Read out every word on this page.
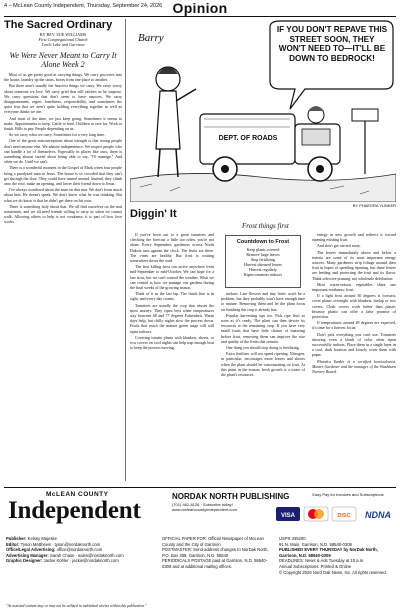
4 – McLean County Independent, Thursday, September 24, 2026 Opinion
The Sacred Ordinary
BY REV. SUE WILLIAMS
First Congregational Church
Turtle Lake and Garrison
We Were Never Meant to Carry It Alone Week 2

Most of us get pretty good at carrying things. We carry groceries into the house, laundry up the stairs, boxes from one place to another.

But there aren't usually the heaviest things we carry. We carry worry about someone we love. We carry grief that still catches us by surprise. We carry questions that don't seem to have answers. We carry disappointment, regret, loneliness, responsibility, and sometimes the quiet fear that we aren't quite holding everything together as well as everyone thinks we are.

And most of the time, we just keep going. Sometimes it seems to make. Appointments to keep. Cattle to feed. Children to care for. Work to finish. Bills to pay. People depending on us.

So we carry what we carry. Sometimes for a very long time.

One of the great misconceptions about strength is that strong people don't need anyone else. We admire independence. We respect people who can handle a lot of themselves. Especially in places like ours, there is something almost sacred about being able to say, "I'll manage." And often we do. Until we can't.

There is a wonderful moment in the Gospel of Mark when four people bring a paralyzed man to Jesus. The house is so crowded that they can't get through the door. They could have turned around. Instead, they climb onto the roof, make an opening, and lower their friend down to Jesus.

I've always wondered about the man on that mat. We don't learn much about him. He doesn't speak. We don't know what he was thinking. But what we do know is that he didn't get there on his own.

There is something holy about that. We all find ourselves on the mat sometimes, and we all need friends willing to carry us when we cannot walk. Allowing others to help is not weakness; it is part of how love works.

IF YOU DON'T REPAVE THIS STREET SOON, THEY WON'T NEED TO—IT'LL BE DOWN TO BEDROCK!
DEPT. OF ROADS
Barry
BY PHAEDRA YUNKER
Diggin' It
Frost things first

If you've been out to a great tomatoes and checking the forecast a little too often, you're not alone. Every September, gardeners across North Dakota turn against the clock. The fruits are there. The vines are healthy. But frost is waiting somewhere down the road.

The first killing frost can arrive anywhere from mid-September to mid-October. We can hope for a late frost, but we can't control the weather. What we can control is how we manage our gardens during the final weeks of the growing season.

Think of it as the last lap. The finish line is in sight, and every day counts.

Tomatoes are usually the crop that causes the most anxiety. They ripen best when temperatures stay between 68 and 77 degrees Fahrenheit. Warm days help, but chilly nights slow the process down. Fruits that reach the mature green stage will still ripen indoors.

Covering tomato plants with blankets, sheets, or row covers on cool nights can help trap enough heat to keep the process moving.

Countdown to Frost
Keep plants covered
Remove large leaves
Stop fertilizing
Harvest diseased leaves
Harvest regularly
Ripen tomatoes indoors

melons. Late flowers and tiny fruits won't be a problem, but they probably won't have enough time to mature. Removing them and let the plant focus on finishing the crop it already has.

Popular harvesting tips too. Pick ripe fruit as soon as it's ready. The plant can then devote its resources to the remaining crop. If you have very small fruits that have little chance of maturing before frost, removing them can improve the size and quality of the fruits that remain.

One thing you should stop doing is fertilizing.

Extra fertilizer will not speed ripening. Nitrogen, in particular, encourages more leaves and shoots when the plant should be concentrating on fruit. At this point in the season, fresh growth is a waste of the plant's resources.

energy in new growth and redirect it toward ripening existing fruit.

And don't get carried away.

The leaves immediately above and below a tomato are some of its most important energy sources. Many gardeners strip foliage around their fruit in hopes of speeding ripening, but these leaves are feeding and protecting the fruit and its flavor. Think selective pruning, not wholesale defoliation.

Most warm-season vegetables share one important weakness: frost.

If a light frost around 30 degrees is forecast, cover plants overnight with blankets, burlap or row covers. Cloth covers work better than plastic because plastic can offer a false promise of protection.

If temperatures around 28 degrees are expected, it's time for a harvest focus.

Don't pick everything you can't use. Tomatoes showing even a blush of color often ripen successfully indoors. Place them in a single layer in a cool, dark location and loosely cover them with paper.

Phaedra Yunker is a certified horticulturist, Master Gardener and the manager of the Washburn Nursery Board.

McLEAN COUNTY
Independent
NORDAK NORTH PUBLISHING
(701) 462-8126 · Subscribe today!
www.mcleancountyindependent.com
Easy Pay for Invoices and Subscriptions
VISA	DISC NDNA
Publisher: Kelsey Majeske
Editor: Tyson Matthews · tyson@nordaknorth.com
Office/Legal Advertising: office@nordaknorth.com
Advertising Manager: Sarah Chase · sales@nordaknorth.com
Graphic Designer: Jackie Kohler · jackie@nordaknorth.com
OFFICIAL PAPER FOR: Official Newspaper of McLean County and the City of Garrison
POSTMASTER: Send address changes to NorDak North, P.O. Box 309, Garrison, N.D. 58540
PERIODICALS POSTAGE paid at Garrison, N.D. 58540-0309 and at additional mailing offices.
USPS 335200
91 N. Main, Garrison, N.D. 58540-0309
PUBLISHED EVERY THURSDAY by NorDak North, Garrison, N.D. 58540-0309
DEADLINES: News & Ads Tuesday at 10 a.m.
Annual Subscriptions: Printed & Online
© Copyright 2026 Nord Dak News, Inc. All rights reserved.
"As assisted content may or may not be utilized in individual stories within this publication."
